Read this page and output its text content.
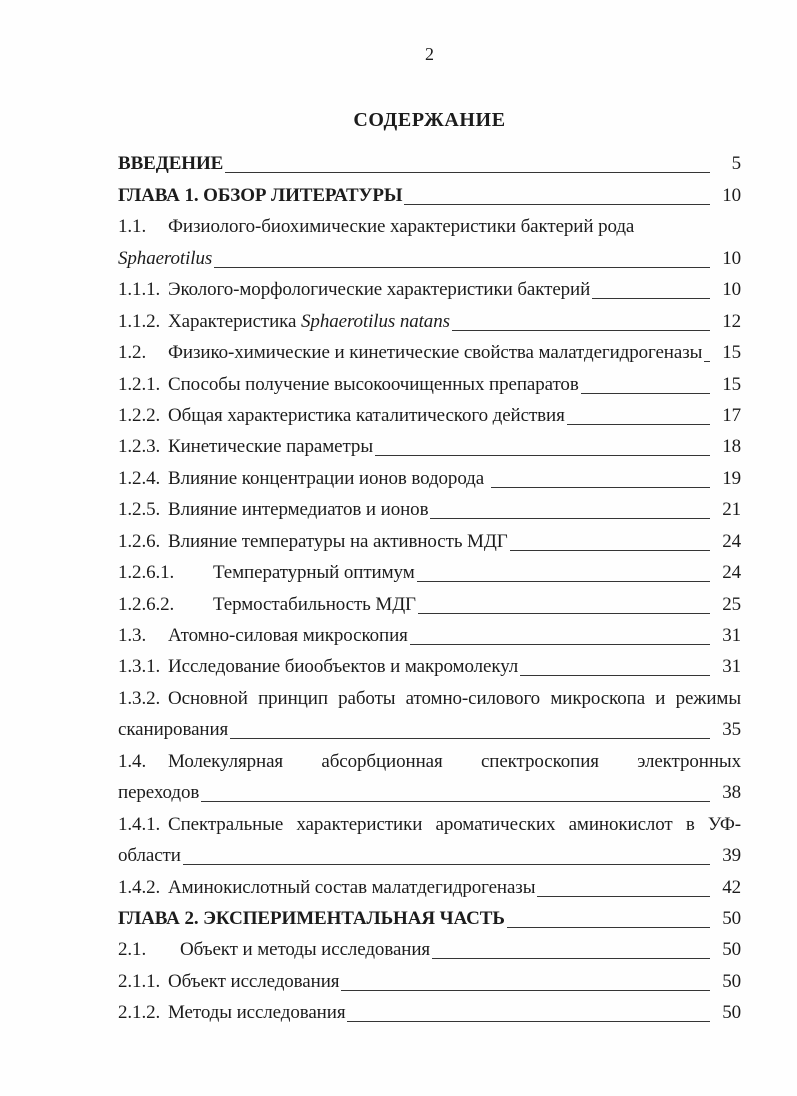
2
СОДЕРЖАНИЕ
ВВЕДЕНИЕ	5
ГЛАВА 1. ОБЗОР ЛИТЕРАТУРЫ	10
1.1. Физиолого-биохимические характеристики бактерий рода
Sphaerotilus	10
1.1.1. Эколого-морфологические характеристики бактерий	10
1.1.2. Характеристика Sphaerotilus natans	12
1.2.	Физико-химические и кинетические свойства малатдегидрогеназы 15
1.2.1. Способы получение высокоочищенных препаратов	15
1.2.2. Общая характеристика каталитического действия	17
1.2.3. Кинетические параметры	18
1.2.4. Влияние концентрации ионов водорода	19
1.2.5. Влияние интермедиатов и ионов	21
1.2.6. Влияние температуры на активность МДГ	24
1.2.6.1.	Температурный оптимум	24
1.2.6.2.	Термостабильность МДГ	25
1.3.	Атомно-силовая микроскопия	31
1.3.1. Исследование биообъектов и макромолекул	31
1.3.2. Основной принцип работы атомно-силового микроскопа и режимы
сканирования	35
1.4. Молекулярная абсорбционная спектроскопия электронных
переходов	38
1.4.1. Спектральные характеристики ароматических аминокислот в УФ-
области	39
1.4.2. Аминокислотный состав малатдегидрогеназы	42
ГЛАВА 2. ЭКСПЕРИМЕНТАЛЬНАЯ ЧАСТЬ	50
2.1.	Объект и методы исследования	50
2.1.1. Объект исследования	50
2.1.2. Методы исследования	50
